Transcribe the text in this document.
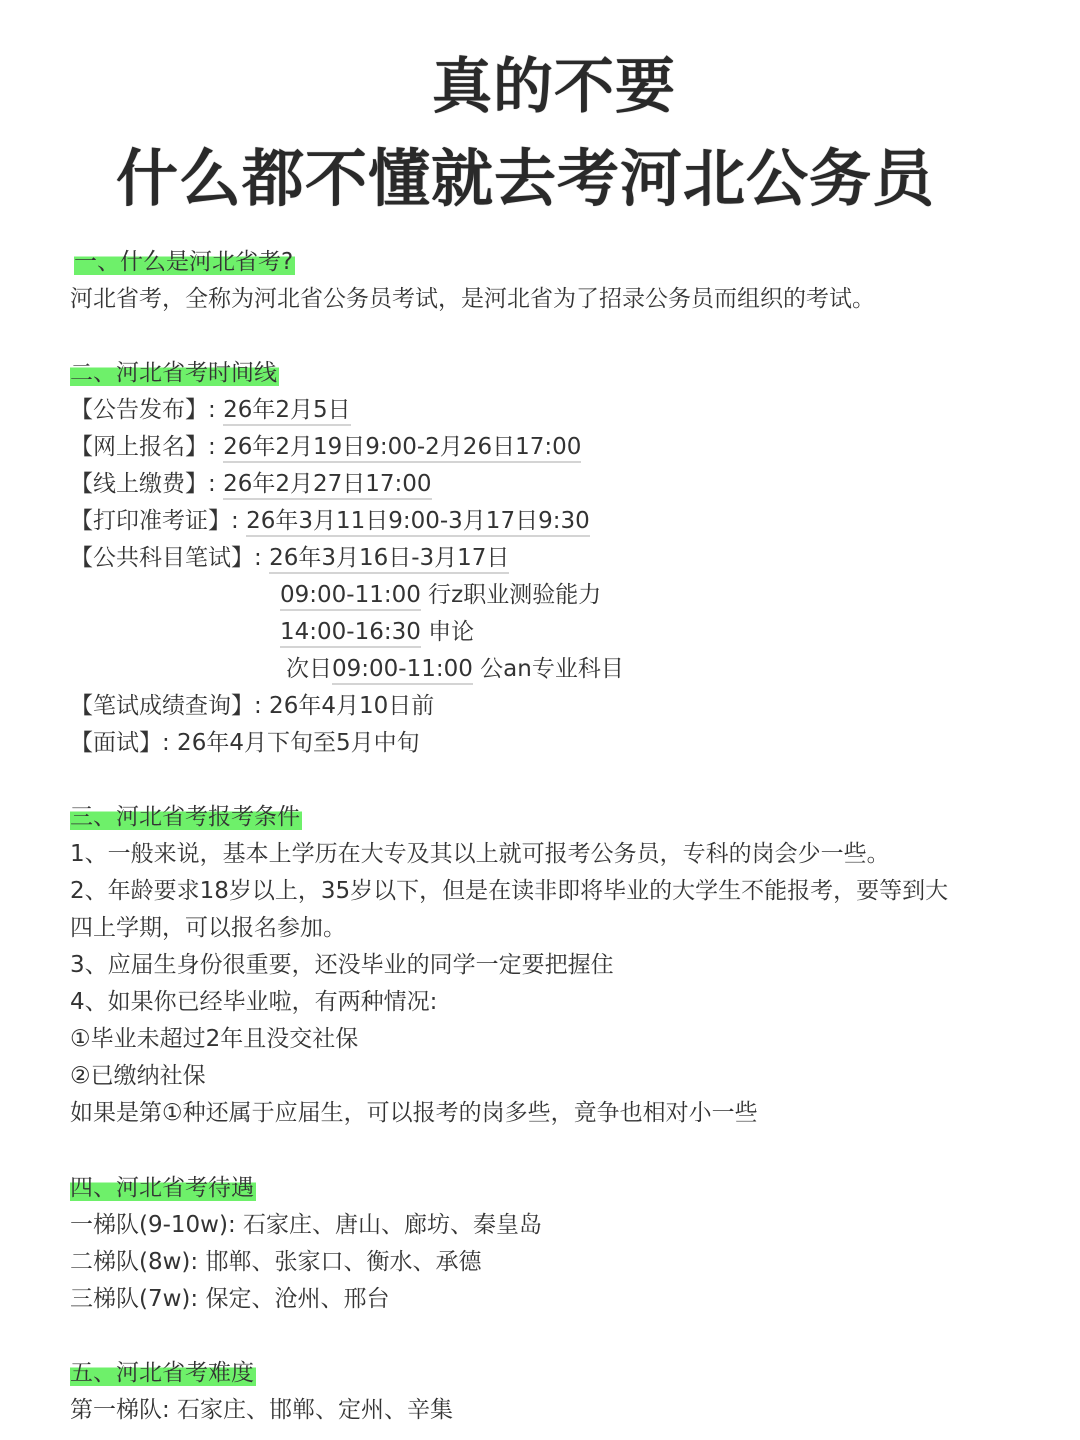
真的不要
什么都不懂就去考河北公务员
一、什么是河北省考?
河北省考，全称为河北省公务员考试，是河北省为了招录公务员而组织的考试。
二、河北省考时间线
【公告发布】: 26年2月5日
【网上报名】: 26年2月19日9:00-2月26日17:00
【线上缴费】: 26年2月27日17:00
【打印准考证】: 26年3月11日9:00-3月17日9:30
【公共科目笔试】: 26年3月16日-3月17日
09:00-11:00 行z职业测验能力
14:00-16:30 申论
次日09:00-11:00 公an专业科目
【笔试成绩查询】: 26年4月10日前
【面试】: 26年4月下旬至5月中旬
三、河北省考报考条件
1、一般来说，基本上学历在大专及其以上就可报考公务员，专科的岗会少一些。
2、年龄要求18岁以上，35岁以下，但是在读非即将毕业的大学生不能报考，要等到大
四上学期，可以报名参加。
3、应届生身份很重要，还没毕业的同学一定要把握住
4、如果你已经毕业啦，有两种情况:
①毕业未超过2年且没交社保
②已缴纳社保
如果是第①种还属于应届生，可以报考的岗多些，竟争也相对小一些
四、河北省考待遇
一梯队(9-10w): 石家庄、唐山、廊坊、秦皇岛
二梯队(8w): 邯郸、张家口、衡水、承德
三梯队(7w): 保定、沧州、邢台
五、河北省考难度
第一梯队: 石家庄、邯郸、定州、辛集
